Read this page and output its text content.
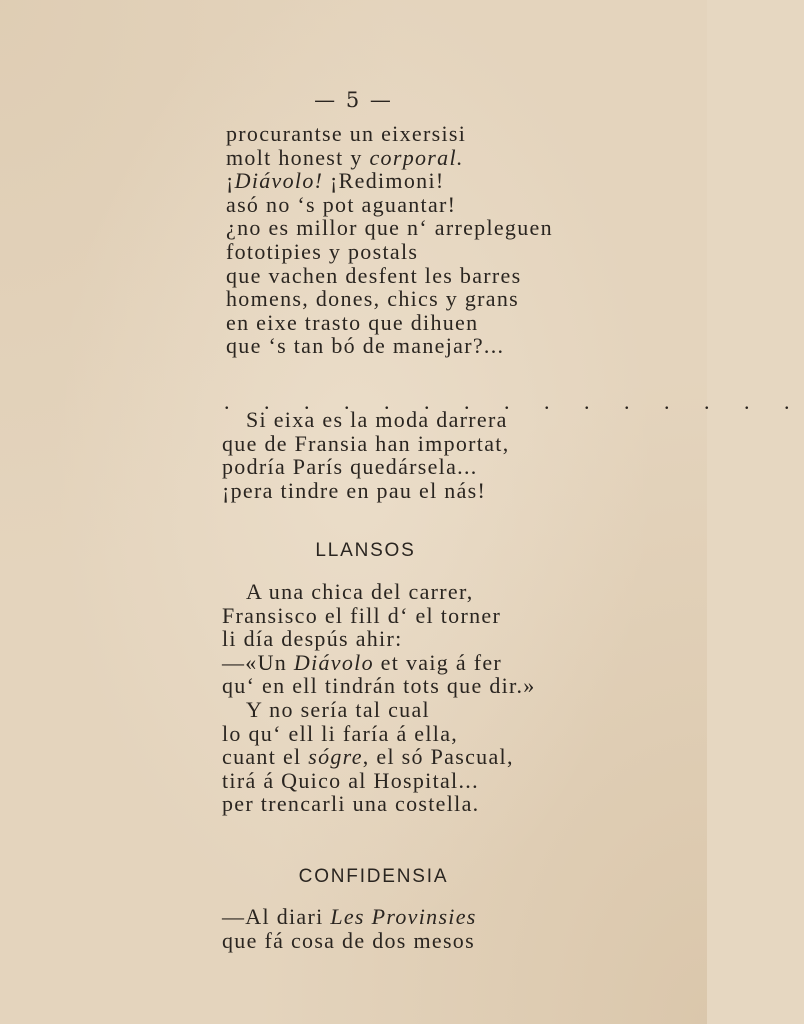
— 5 —
procurantse un eixersisi
molt honest y corporal.
¡Diávolo! ¡Redimoni!
asó no ‘s pot aguantar!
¿no es millor que n‘ arrepleguen
fototipies y postals
que vachen desfent les barres
homens, dones, chics y grans
en eixe trasto que dihuen
que ‘s tan bó de manejar?...
. . . . . . . . . . . . . . .
Si eixa es la moda darrera
que de Fransia han importat,
podría París quedársela...
¡pera tindre en pau el nás!
LLANSOS
A una chica del carrer,
Fransisco el fill d‘ el torner
li día despús ahir:
—«Un Diávolo et vaig á fer
qu‘ en ell tindrán tots que dir.»
Y no sería tal cual
lo qu‘ ell li faría á ella,
cuant el sógre, el só Pascual,
tirá á Quico al Hospital...
per trencarli una costella.
CONFIDENSIA
—Al diari Les Provinsies
que fá cosa de dos mesos
